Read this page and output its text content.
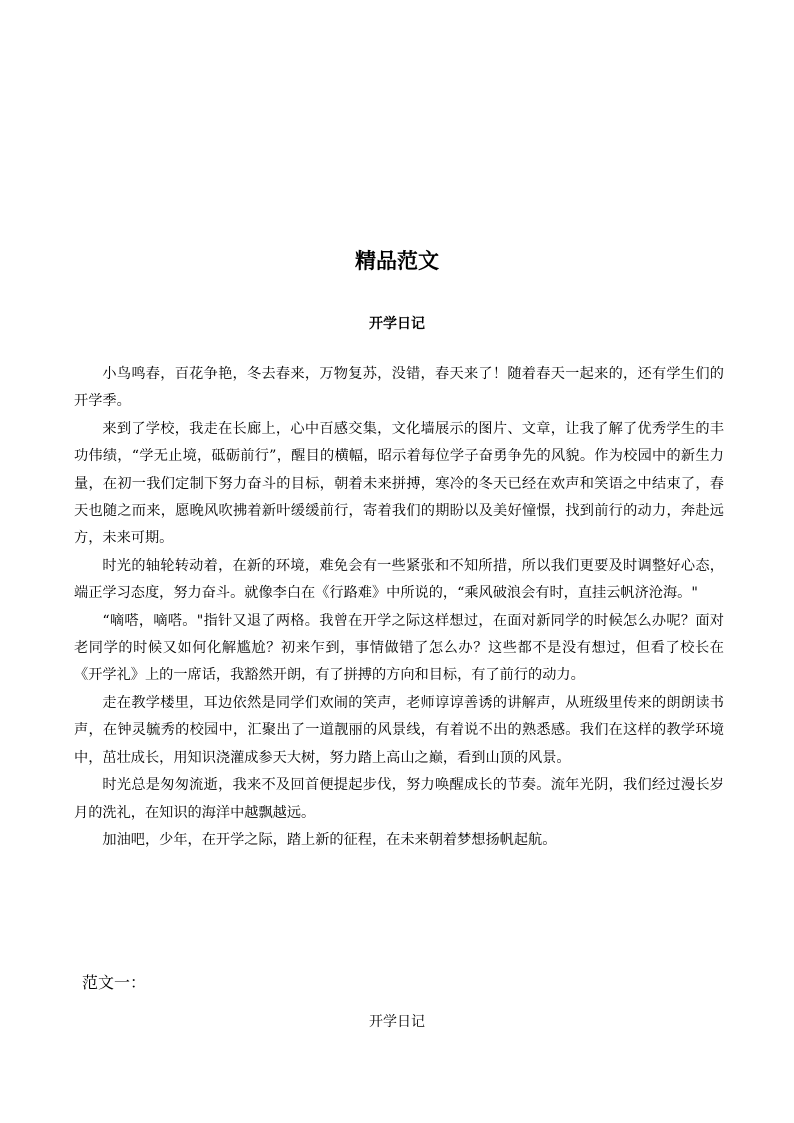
精品范文
开学日记

小鸟鸣春，百花争艳，冬去春来，万物复苏，没错，春天来了！随着春天一起来的，还有学生们的开学季。

来到了学校，我走在长廊上，心中百感交集，文化墙展示的图片、文章，让我了解了优秀学生的丰功伟绩，“学无止境，砥砺前行”，醒目的横幅，昭示着每位学子奋勇争先的风貌。作为校园中的新生力量，在初一我们定制下努力奋斗的目标，朝着未来拼搏，寒冷的冬天已经在欢声和笑语之中结束了，春天也随之而来，愿晚风吹拂着新叶缓缓前行，寄着我们的期盼以及美好憧憬，找到前行的动力，奔赴远方，未来可期。

时光的轴轮转动着，在新的环境，难免会有一些紧张和不知所措，所以我们更要及时调整好心态，端正学习态度，努力奋斗。就像李白在《行路难》中所说的，“乘风破浪会有时，直挂云帆济沧海。"

“嘀嗒，嘀嗒。"指针又退了两格。我曾在开学之际这样想过，在面对新同学的时候怎么办呢？面对老同学的时候又如何化解尴尬？初来乍到，事情做错了怎么办？这些都不是没有想过，但看了校长在《开学礼》上的一席话，我豁然开朗，有了拼搏的方向和目标，有了前行的动力。

走在教学楼里，耳边依然是同学们欢闹的笑声，老师谆谆善诱的讲解声，从班级里传来的朗朗读书声，在钟灵毓秀的校园中，汇聚出了一道靓丽的风景线，有着说不出的熟悉感。我们在这样的教学环境中，茁壮成长，用知识浇灌成参天大树，努力踏上高山之巅，看到山顶的风景。

时光总是匆匆流逝，我来不及回首便提起步伐，努力唤醒成长的节奏。流年光阴，我们经过漫长岁月的洗礼，在知识的海洋中越飘越远。

加油吧，少年，在开学之际，踏上新的征程，在未来朝着梦想扬帆起航。

范文一：
开学日记
